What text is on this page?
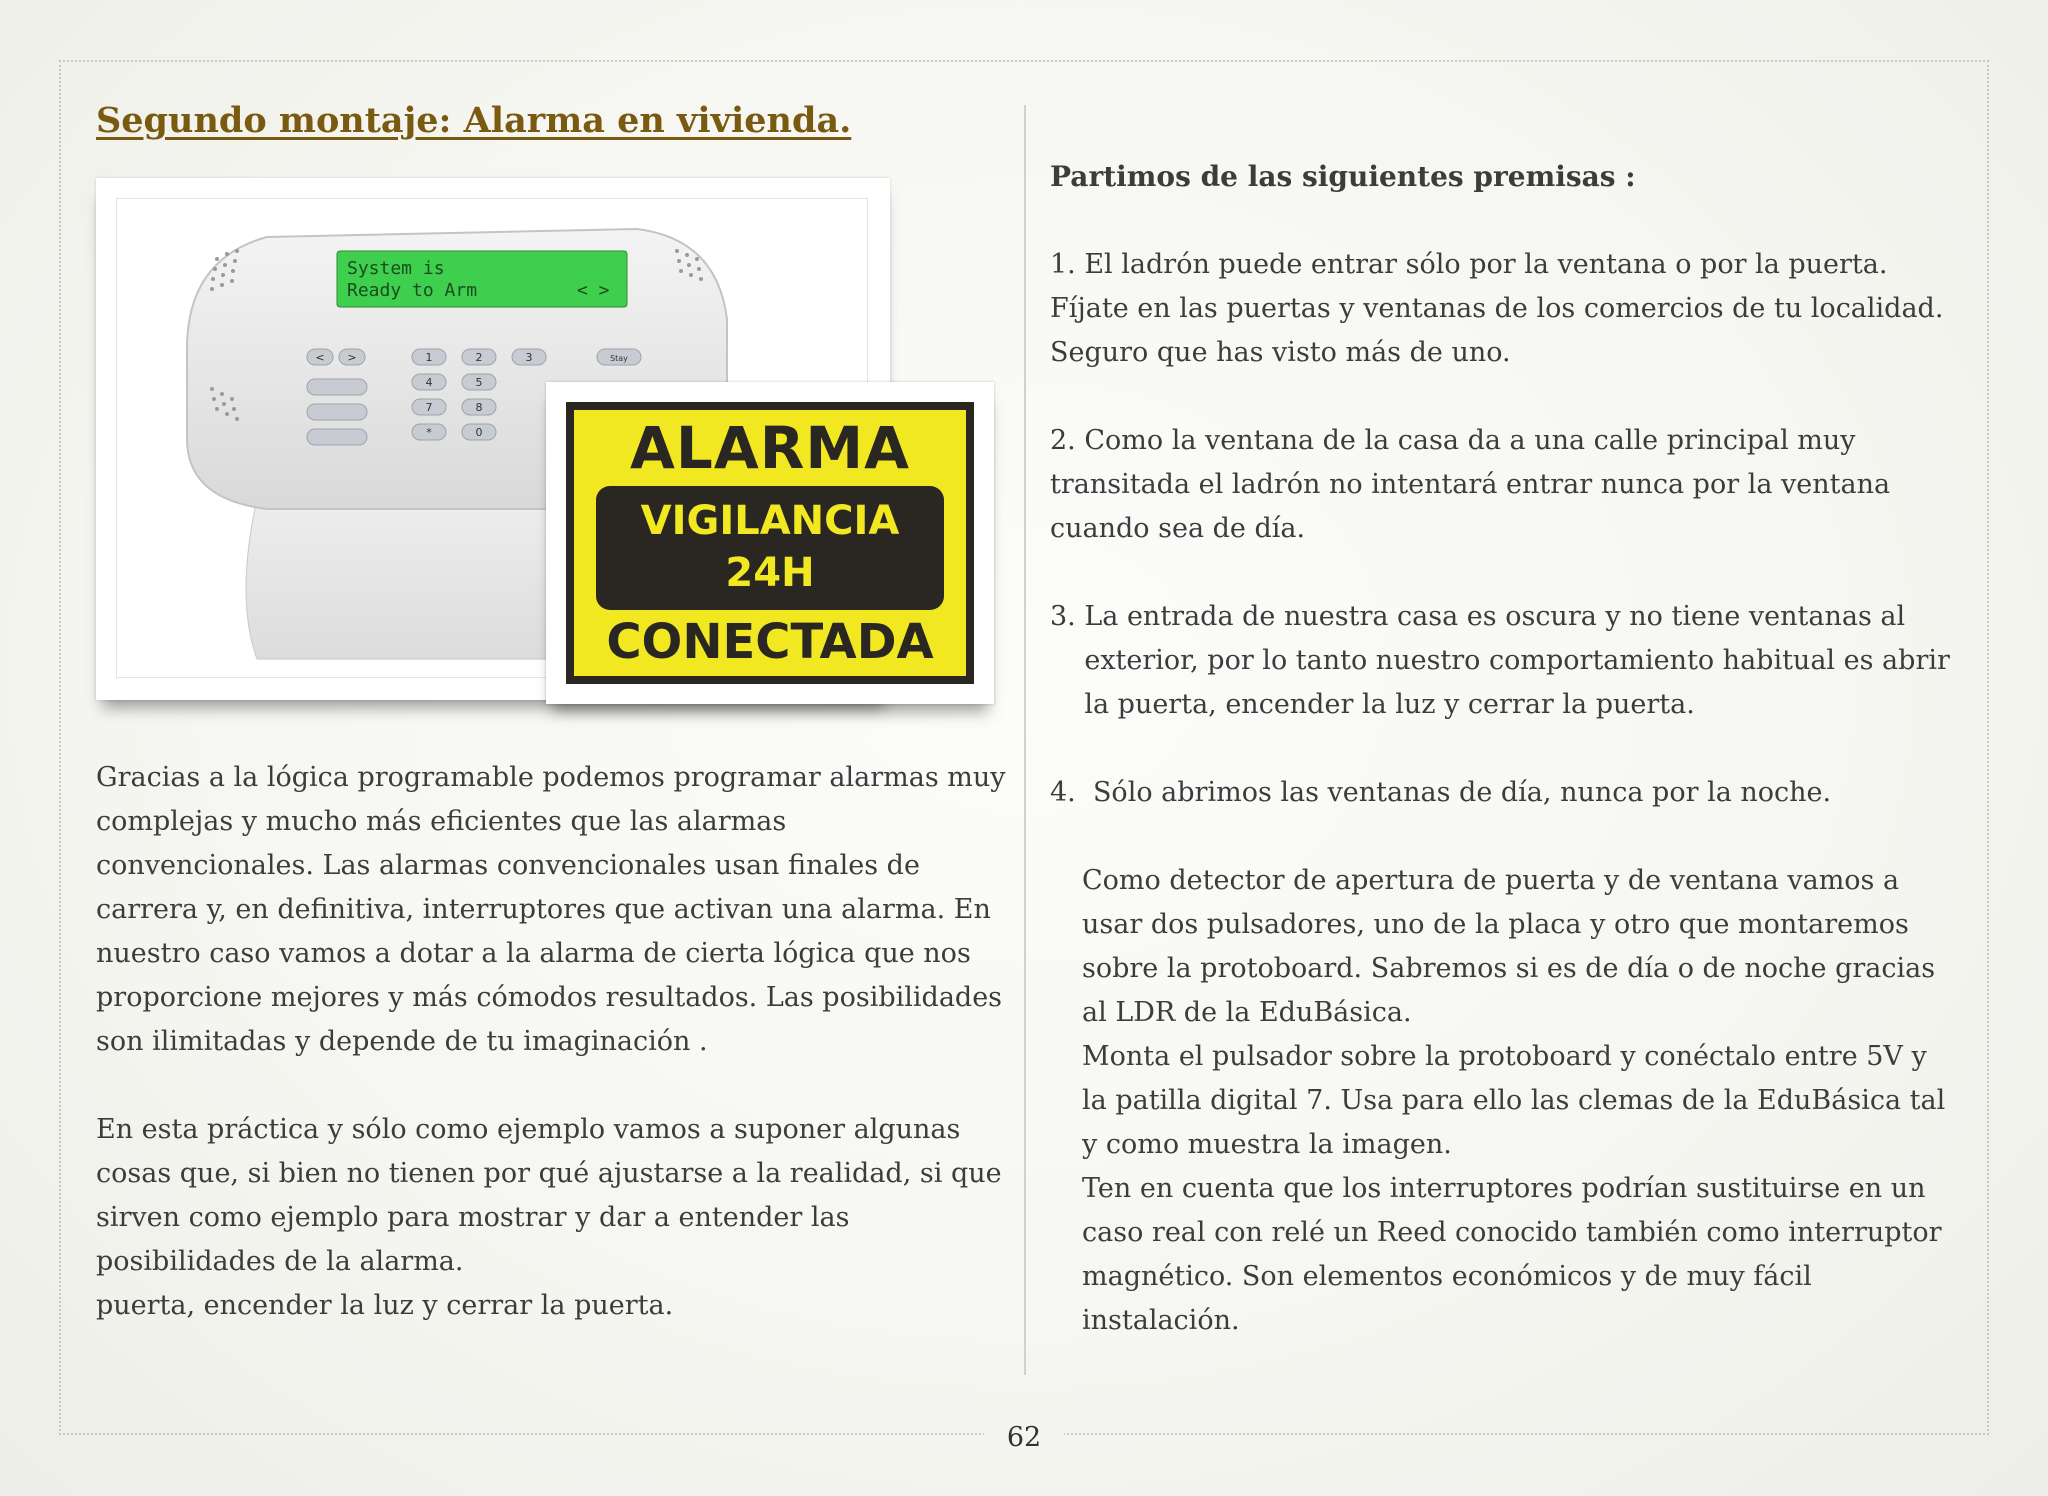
Segundo montaje: Alarma en vivienda.
System is
Ready to Arm	< >
< >	1	2	3	Stay
4	5
7	8
*	0	ALARMA
VIGILANCIA
24H
CONECTADA

Gracias a la lógica programable podemos programar alarmas muy complejas y mucho más eficientes que las alarmas convencionales. Las alarmas convencionales usan finales de carrera y, en definitiva, interruptores que activan una alarma. En nuestro caso vamos a dotar a la alarma de cierta lógica que nos proporcione mejores y más cómodos resultados. Las posibilidades son ilimitadas y depende de tu imaginación .

En esta práctica y sólo como ejemplo vamos a suponer algunas cosas que, si bien no tienen por qué ajustarse a la realidad, si que sirven como ejemplo para mostrar y dar a entender las posibilidades de la alarma.
puerta, encender la luz y cerrar la puerta.

Partimos de las siguientes premisas :

1. El ladrón puede entrar sólo por la ventana o por la puerta. Fíjate en las puertas y ventanas de los comercios de tu localidad. Seguro que has visto más de uno.

2. Como la ventana de la casa da a una calle principal muy transitada el ladrón no intentará entrar nunca por la ventana cuando sea de día.

3. La entrada de nuestra casa es oscura y no tiene ventanas al exterior, por lo tanto nuestro comportamiento habitual es abrir la puerta, encender la luz y cerrar la puerta.
4. Sólo abrimos las ventanas de día, nunca por la noche.

Como detector de apertura de puerta y de ventana vamos a usar dos pulsadores, uno de la placa y otro que montaremos sobre la protoboard. Sabremos si es de día o de noche gracias al LDR de la EduBásica.

Monta el pulsador sobre la protoboard y conéctalo entre 5V y la patilla digital 7. Usa para ello las clemas de la EduBásica tal y como muestra la imagen.

Ten en cuenta que los interruptores podrían sustituirse en un caso real con relé un Reed conocido también como interruptor magnético. Son elementos económicos y de muy fácil instalación.

62
